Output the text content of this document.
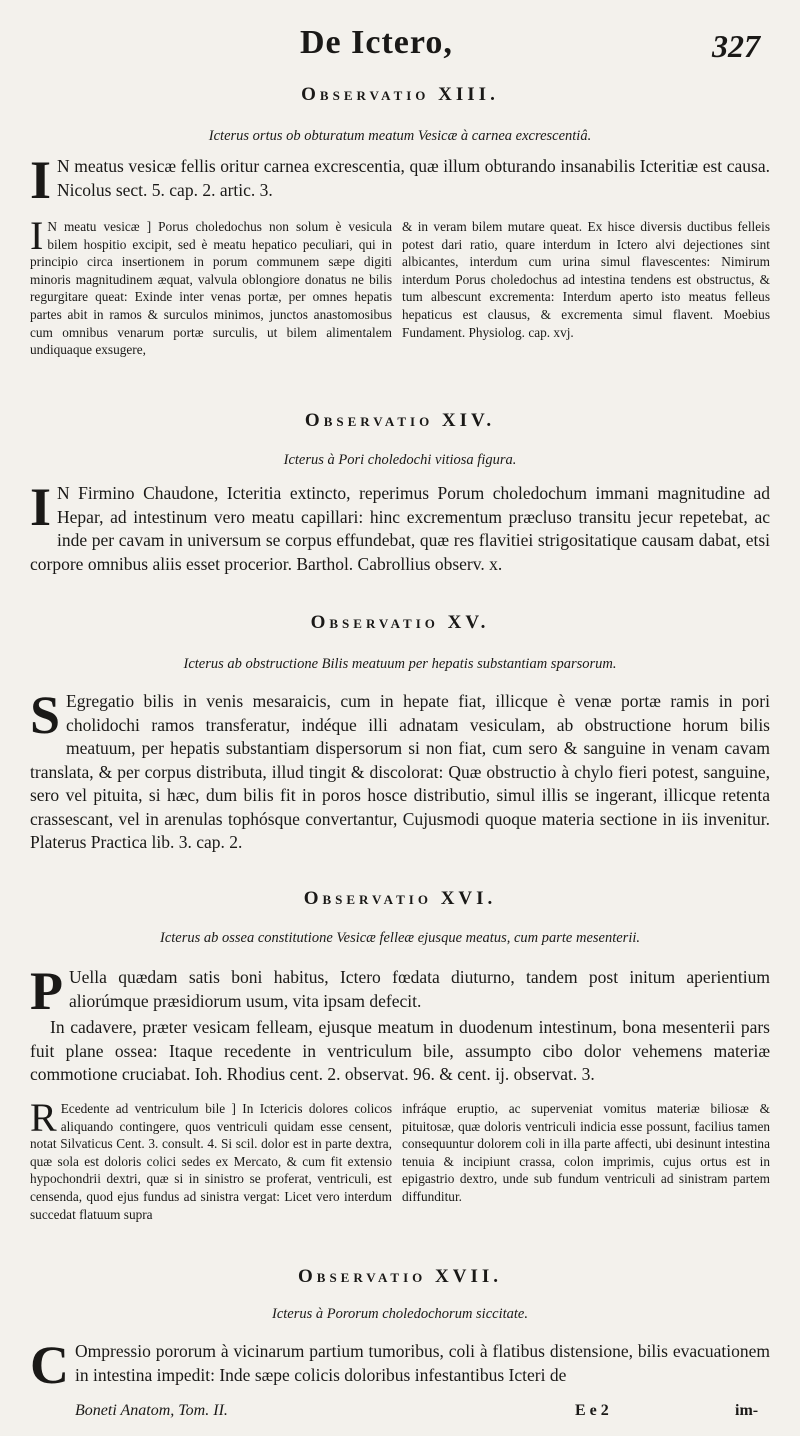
De Ictero,	327
Observatio XIII.
Icterus ortus ob obturatum meatum Vesicæ à carnea excrescentiâ.
I N meatus vesicæ fellis oritur carnea excrescentia, quæ illum obturando insanabilis Icteritiæ est causa. Nicolus sect. 5. cap. 2. artic. 3.
I N meatu vesicæ ] Porus choledochus non solum è vesicula bilem hospitio excipit, sed è meatu hepatico peculiari, qui in principio circa insertionem in porum communem sæpe digiti minoris magnitudinem æquat, valvula oblongiore donatus ne bilis regurgitare queat: Exinde inter venas portæ, per omnes hepatis partes abit in ramos & surculos minimos, junctos anastomosibus cum omnibus venarum portæ surculis, ut bilem alimentalem undiquaque exsugere,
& in veram bilem mutare queat. Ex hisce diversis ductibus felleis potest dari ratio, quare interdum in Ictero alvi dejectiones sint albicantes, interdum cum urina simul flavescentes: Nimirum interdum Porus choledochus ad intestina tendens est obstructus, & tum albescunt excrementa: Interdum aperto isto meatus felleus hepaticus est clausus, & excrementa simul flavent. Moebius Fundament. Physiolog. cap. xvj.
Observatio XIV.
Icterus à Pori choledochi vitiosa figura.
I N Firmino Chaudone, Icteritia extincto, reperimus Porum choledochum immani magnitudine ad Hepar, ad intestinum vero meatu capillari: hinc excrementum præcluso transitu jecur repetebat, ac inde per cavam in universum se corpus effundebat, quæ res flavitiei strigositatique causam dabat, etsi corpore omnibus aliis esset procerior. Barthol. Cabrollius observ. x.
Observatio XV.
Icterus ab obstructione Bilis meatuum per hepatis substantiam sparsorum.
S Egregatio bilis in venis mesaraicis, cum in hepate fiat, illicque è venæ portæ ramis in pori cholidochi ramos transferatur, indéque illi adnatam vesiculam, ab obstructione horum bilis meatuum, per hepatis substantiam dispersorum si non fiat, cum sero & sanguine in venam cavam translata, & per corpus distributa, illud tingit & discolorat: Quæ obstructio à chylo fieri potest, sanguine, sero vel pituita, si hæc, dum bilis fit in poros hosce distributio, simul illis se ingerant, illicque retenta crassescant, vel in arenulas tophósque convertantur, Cujusmodi quoque materia sectione in iis invenitur. Platerus Practica lib. 3. cap. 2.
Observatio XVI.
Icterus ab ossea constitutione Vesicæ felleæ ejusque meatus, cum parte mesenterii.
P Uella quædam satis boni habitus, Ictero fœdata diuturno, tandem post initum aperientium aliorúmque præsidiorum usum, vita ipsam defecit.
In cadavere, præter vesicam felleam, ejusque meatum in duodenum intestinum, bona mesenterii pars fuit plane ossea: Itaque recedente in ventriculum bile, assumpto cibo dolor vehemens materiæ commotione cruciabat. Ioh. Rhodius cent. 2. observat. 96. & cent. ij. observat. 3.
R Ecedente ad ventriculum bile ] In Ictericis dolores colicos aliquando contingere, quos ventriculi quidam esse censent, notat Silvaticus Cent. 3. consult. 4. Si scil. dolor est in parte dextra, quæ sola est doloris colici sedes ex Mercato, & cum fit extensio hypochondrii dextri, quæ si in sinistro se proferat, ventriculi, est censenda, quod ejus fundus ad sinistra vergat: Licet vero interdum succedat flatuum supra
infráque eruptio, ac superveniat vomitus materiæ biliosæ & pituitosæ, quæ doloris ventriculi indicia esse possunt, facilius tamen consequuntur dolorem coli in illa parte affecti, ubi desinunt intestina tenuia & incipiunt crassa, colon imprimis, cujus ortus est in epigastrio dextro, unde sub fundum ventriculi ad sinistram partem diffunditur.
Observatio XVII.
Icterus à Pororum choledochorum siccitate.
C Ompressio pororum à vicinarum partium tumoribus, coli à flatibus distensione, bilis evacuationem in intestina impedit: Inde sæpe colicis doloribus infestantibus Icteri de
Boneti Anatom, Tom. II.	E e 2	im-
